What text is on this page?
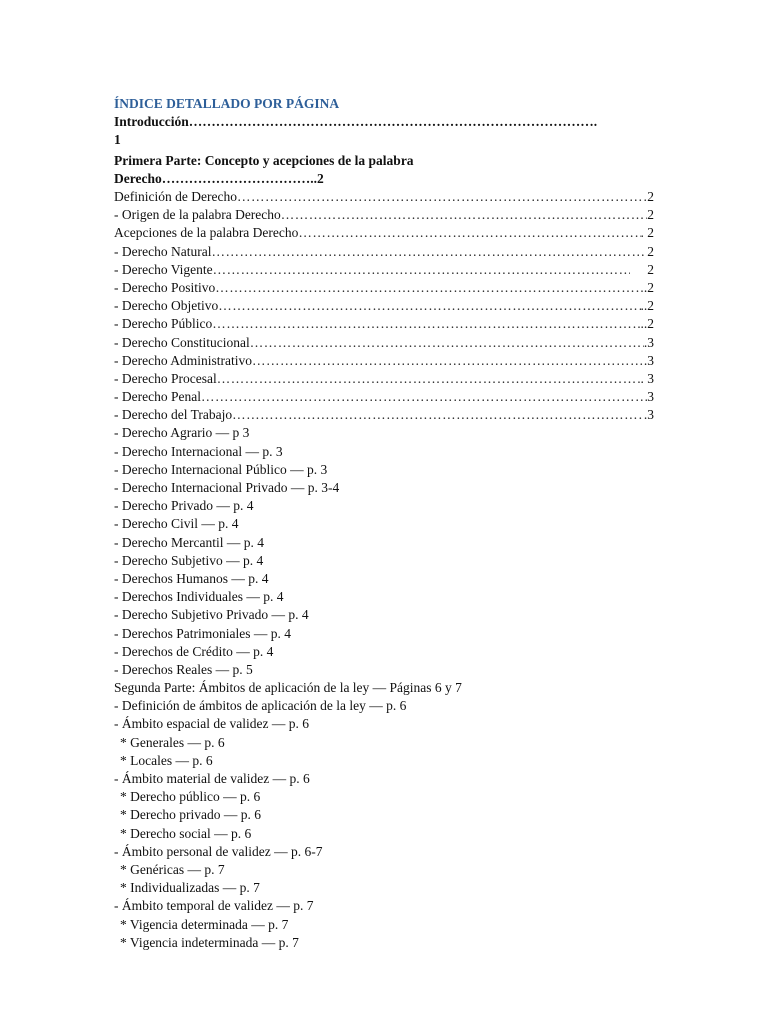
ÍNDICE DETALLADO POR PÁGINA
Introducción……………………………………………………………………………….
1
Primera Parte: Concepto y acepciones de la palabra
Derecho……………………………..2
Definición de Derecho ……………………………………………………………………………………………………………………………………………………………………………………………………	2
- Origen de la palabra Derecho ……………………………………………………………………………………………………………………………………………………………………………………………………	2
Acepciones de la palabra Derecho ……………………………………………………………………………………………………………………………………………………………………………………………………	. 2
- Derecho Natural ……………………………………………………………………………………………………………………………………………………………………………………………………	2
- Derecho Vigente ……………………………………………………………………………………………………………………………………………………………………………………………………	2
- Derecho Positivo ……………………………………………………………………………………………………………………………………………………………………………………………………	.2
- Derecho Objetivo ……………………………………………………………………………………………………………………………………………………………………………………………………	..2
- Derecho Público ……………………………………………………………………………………………………………………………………………………………………………………………………	..2
- Derecho Constitucional ……………………………………………………………………………………………………………………………………………………………………………………………………	.3
- Derecho Administrativo ……………………………………………………………………………………………………………………………………………………………………………………………………	.3
- Derecho Procesal ……………………………………………………………………………………………………………………………………………………………………………………………………	. 3
- Derecho Penal ……………………………………………………………………………………………………………………………………………………………………………………………………	3
- Derecho del Trabajo ……………………………………………………………………………………………………………………………………………………………………………………………………	.3
- Derecho Agrario — p 3
- Derecho Internacional — p. 3
- Derecho Internacional Público — p. 3
- Derecho Internacional Privado — p. 3-4
- Derecho Privado — p. 4
- Derecho Civil — p. 4
- Derecho Mercantil — p. 4
- Derecho Subjetivo — p. 4
- Derechos Humanos — p. 4
- Derechos Individuales — p. 4
- Derecho Subjetivo Privado — p. 4
- Derechos Patrimoniales — p. 4
- Derechos de Crédito — p. 4
- Derechos Reales — p. 5
Segunda Parte: Ámbitos de aplicación de la ley — Páginas 6 y 7
- Definición de ámbitos de aplicación de la ley — p. 6
- Ámbito espacial de validez — p. 6
* Generales — p. 6
* Locales — p. 6
- Ámbito material de validez — p. 6
* Derecho público — p. 6
* Derecho privado — p. 6
* Derecho social — p. 6
- Ámbito personal de validez — p. 6-7
* Genéricas — p. 7
* Individualizadas — p. 7
- Ámbito temporal de validez — p. 7
* Vigencia determinada — p. 7
* Vigencia indeterminada — p. 7
